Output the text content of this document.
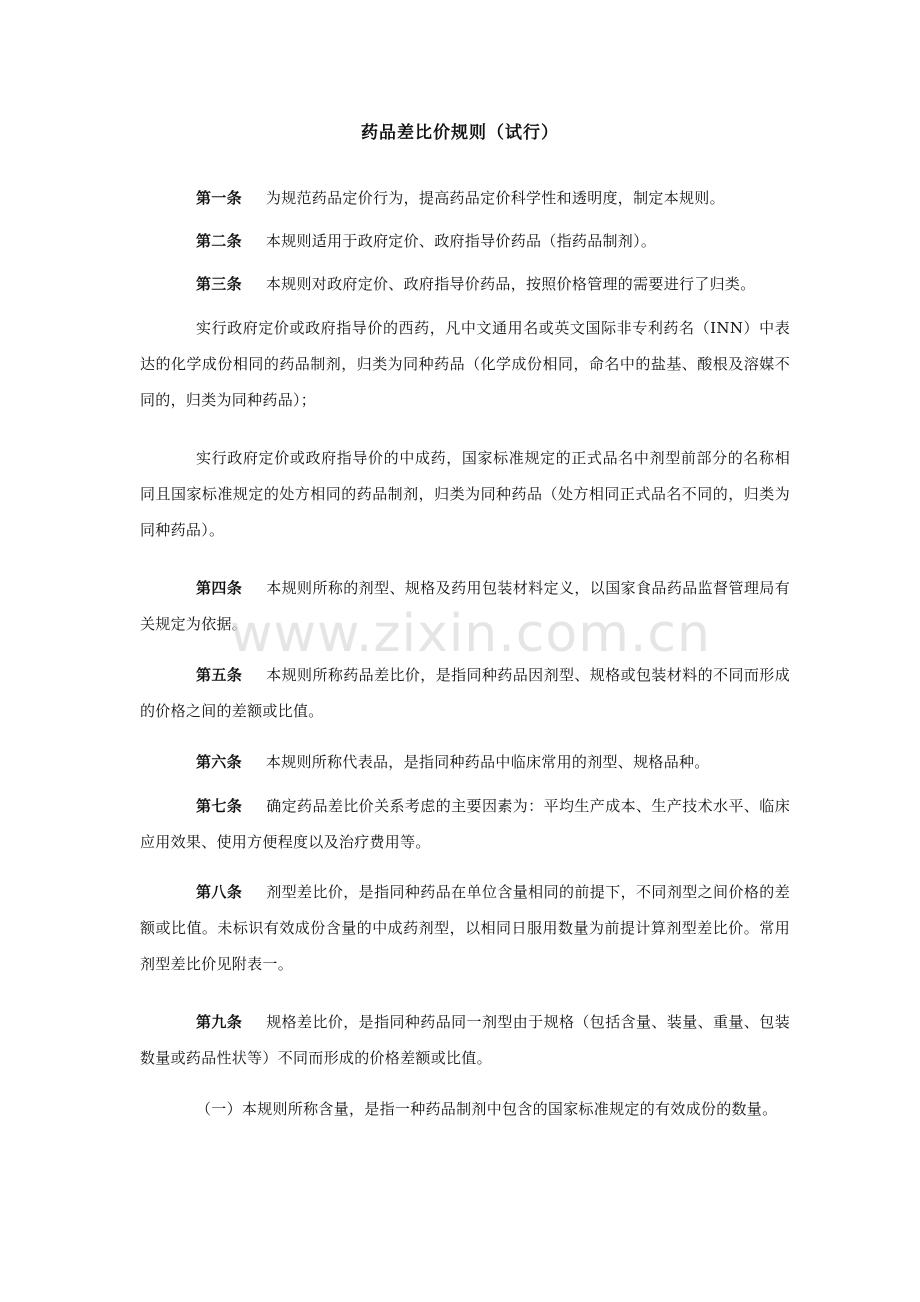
药品差比价规则（试行）
第一条 为规范药品定价行为，提高药品定价科学性和透明度，制定本规则。
第二条 本规则适用于政府定价、政府指导价药品（指药品制剂）。
第三条 本规则对政府定价、政府指导价药品，按照价格管理的需要进行了归类。
实行政府定价或政府指导价的西药，凡中文通用名或英文国际非专利药名（INN）中表达的化学成份相同的药品制剂，归类为同种药品（化学成份相同，命名中的盐基、酸根及溶媒不同的，归类为同种药品）；
实行政府定价或政府指导价的中成药，国家标准规定的正式品名中剂型前部分的名称相同且国家标准规定的处方相同的药品制剂，归类为同种药品（处方相同正式品名不同的，归类为同种药品）。
第四条 本规则所称的剂型、规格及药用包装材料定义，以国家食品药品监督管理局有关规定为依据。
第五条 本规则所称药品差比价，是指同种药品因剂型、规格或包装材料的不同而形成的价格之间的差额或比值。
第六条 本规则所称代表品，是指同种药品中临床常用的剂型、规格品种。
第七条 确定药品差比价关系考虑的主要因素为：平均生产成本、生产技术水平、临床应用效果、使用方便程度以及治疗费用等。
第八条 剂型差比价，是指同种药品在单位含量相同的前提下，不同剂型之间价格的差额或比值。未标识有效成份含量的中成药剂型，以相同日服用数量为前提计算剂型差比价。常用剂型差比价见附表一。
第九条 规格差比价，是指同种药品同一剂型由于规格（包括含量、装量、重量、包装数量或药品性状等）不同而形成的价格差额或比值。
（一）本规则所称含量，是指一种药品制剂中包含的国家标准规定的有效成份的数量。
www.zixin.com.cn
